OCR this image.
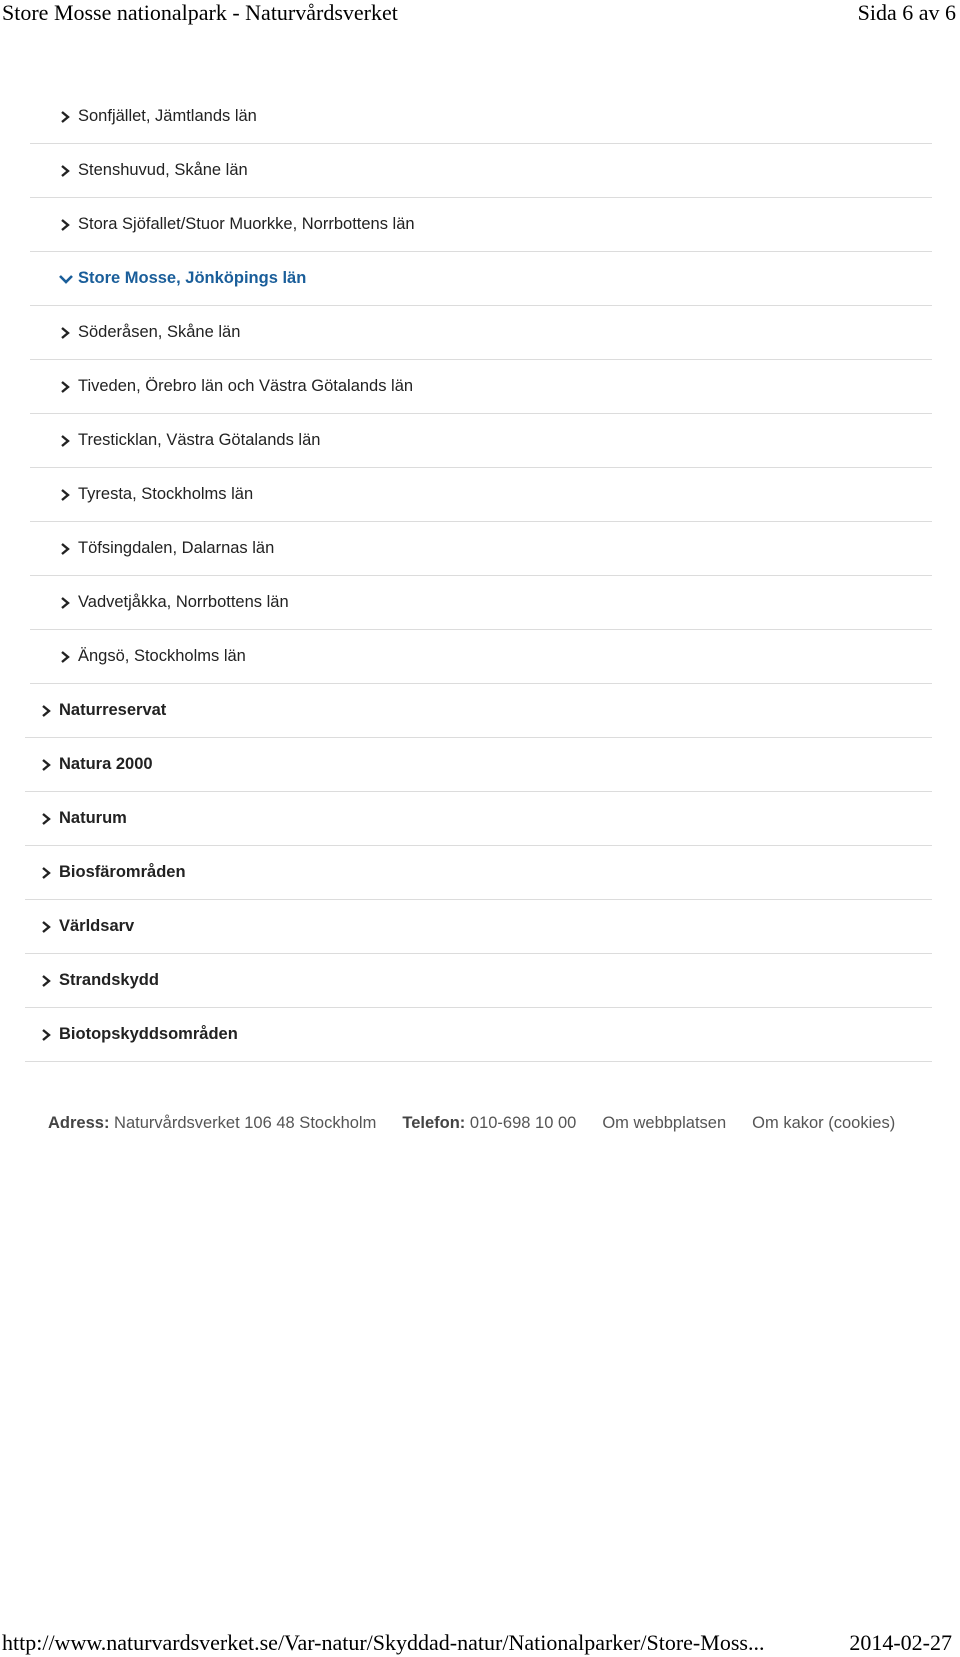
Store Mosse nationalpark - Naturvårdsverket	Sida 6 av 6
Sonfjället, Jämtlands län
Stenshuvud, Skåne län
Stora Sjöfallet/Stuor Muorkke, Norrbottens län
Store Mosse, Jönköpings län
Söderåsen, Skåne län
Tiveden, Örebro län och Västra Götalands län
Tresticklan, Västra Götalands län
Tyresta, Stockholms län
Töfsingdalen, Dalarnas län
Vadvetjåkka, Norrbottens län
Ängsö, Stockholms län
Naturreservat
Natura 2000
Naturum
Biosfärområden
Världsarv
Strandskydd
Biotopskyddsområden
Adress: Naturvårdsverket 106 48 Stockholm Telefon: 010-698 10 00 Om webbplatsen Om kakor (cookies)
http://www.naturvardsverket.se/Var-natur/Skyddad-natur/Nationalparker/Store-Moss...	2014-02-27
